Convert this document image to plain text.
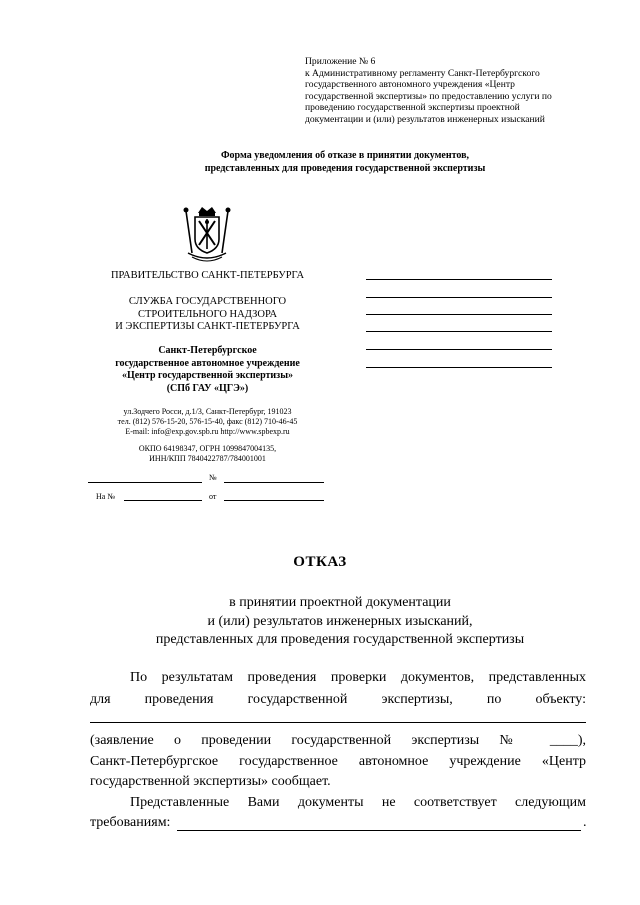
Приложение № 6
к Административному регламенту Санкт-Петербургского
государственного автономного учреждения «Центр
государственной экспертизы» по предоставлению услуги по
проведению государственной экспертизы проектной
документации и (или) результатов инженерных изысканий
Форма уведомления об отказе в принятии документов,
представленных для проведения государственной экспертизы
ПРАВИТЕЛЬСТВО САНКТ-ПЕТЕРБУРГА
СЛУЖБА ГОСУДАРСТВЕННОГО
СТРОИТЕЛЬНОГО НАДЗОРА
И ЭКСПЕРТИЗЫ САНКТ-ПЕТЕРБУРГА
Санкт-Петербургское
государственное автономное учреждение
«Центр государственной экспертизы»
(СПб ГАУ «ЦГЭ»)
ул.Зодчего Росси, д.1/3, Санкт-Петербург, 191023
тел. (812) 576-15-20, 576-15-40, факс (812) 710-46-45
E-mail: info@exp.gov.spb.ru http://www.spbexp.ru
ОКПО 64198347, ОГРН 1099847004135,
ИНН/КПП 7840422787/784001001
№
На №	от
ОТКАЗ
в принятии проектной документации
и (или) результатов инженерных изысканий,
представленных для проведения государственной экспертизы
По результатам проведения проверки документов, представленных
для проведения государственной экспертизы, по объекту:
(заявление о проведении государственной экспертизы № ____),
Санкт-Петербургское государственное автономное учреждение «Центр
государственной экспертизы» сообщает.
Представленные Вами документы не соответствует следующим
требованиям:	.
